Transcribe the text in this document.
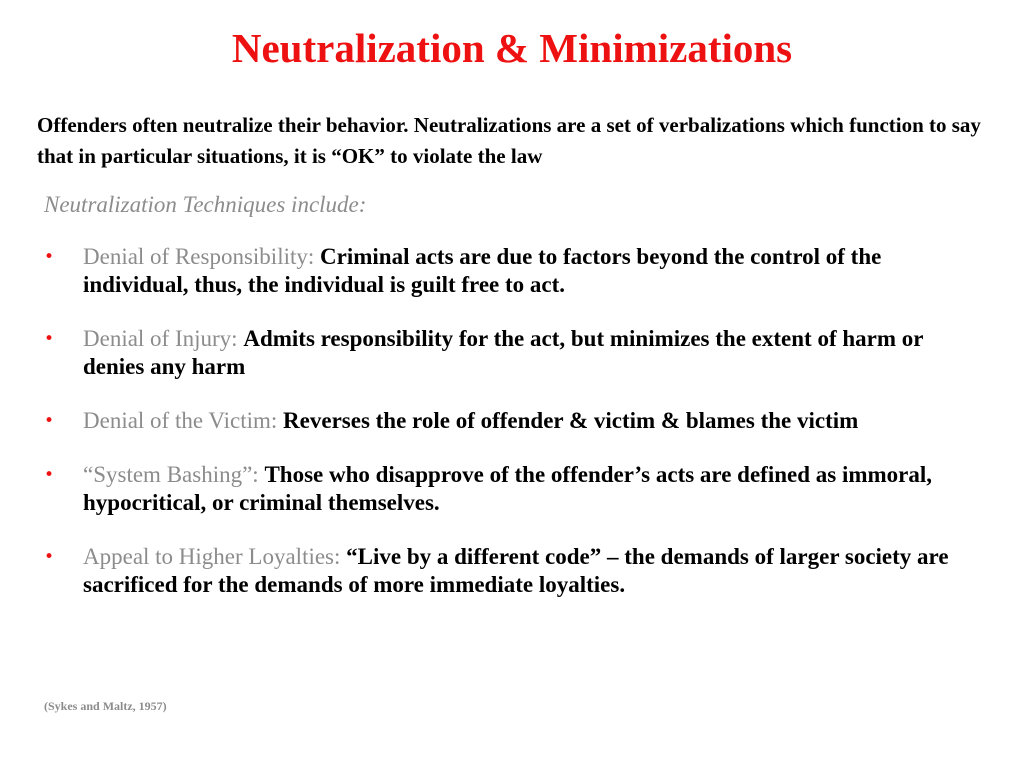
Neutralization & Minimizations
Offenders often neutralize their behavior. Neutralizations are a set of verbalizations which function to say that in particular situations, it is “OK” to violate the law
Neutralization Techniques include:
• Denial of Responsibility: Criminal acts are due to factors beyond the control of the individual, thus, the individual is guilt free to act.
• Denial of Injury: Admits responsibility for the act, but minimizes the extent of harm or denies any harm
• Denial of the Victim: Reverses the role of offender & victim & blames the victim
• “System Bashing”: Those who disapprove of the offender’s acts are defined as immoral, hypocritical, or criminal themselves.
• Appeal to Higher Loyalties: “Live by a different code” – the demands of larger society are sacrificed for the demands of more immediate loyalties.
(Sykes and Maltz, 1957)
